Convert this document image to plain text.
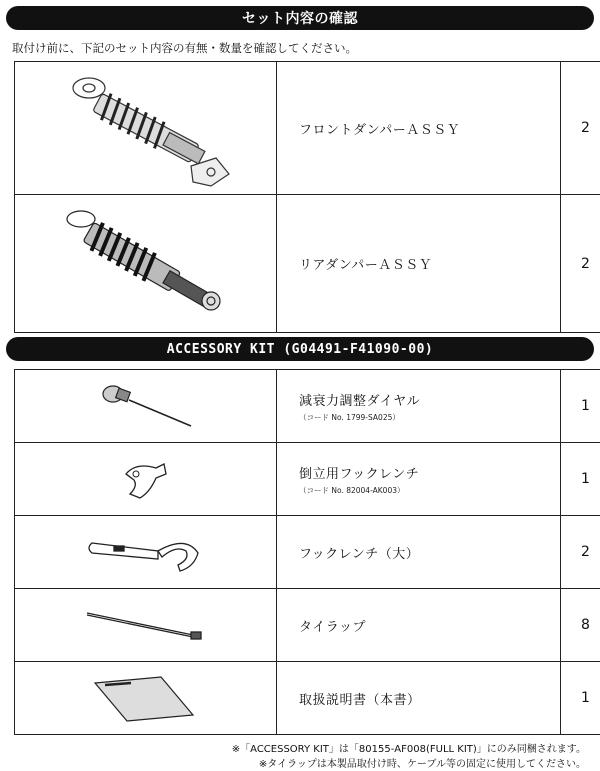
セット内容の確認
取付け前に、下記のセット内容の有無・数量を確認してください。

フロントダンパーＡＳＳＹ	2

リアダンパーＡＳＳＹ	2
ACCESSORY KIT (G04491-F41090-00)

減衰力調整ダイヤル
（コード No. 1799-SA025）	1

倒立用フックレンチ
（コード No. 82004-AK003）	1

フックレンチ（大）	2

タイラップ	8

取扱説明書（本書）	1
※「ACCESSORY KIT」は「80155-AF008(FULL KIT)」にのみ同梱されます。
※タイラップは本製品取付け時、ケーブル等の固定に使用してください。
